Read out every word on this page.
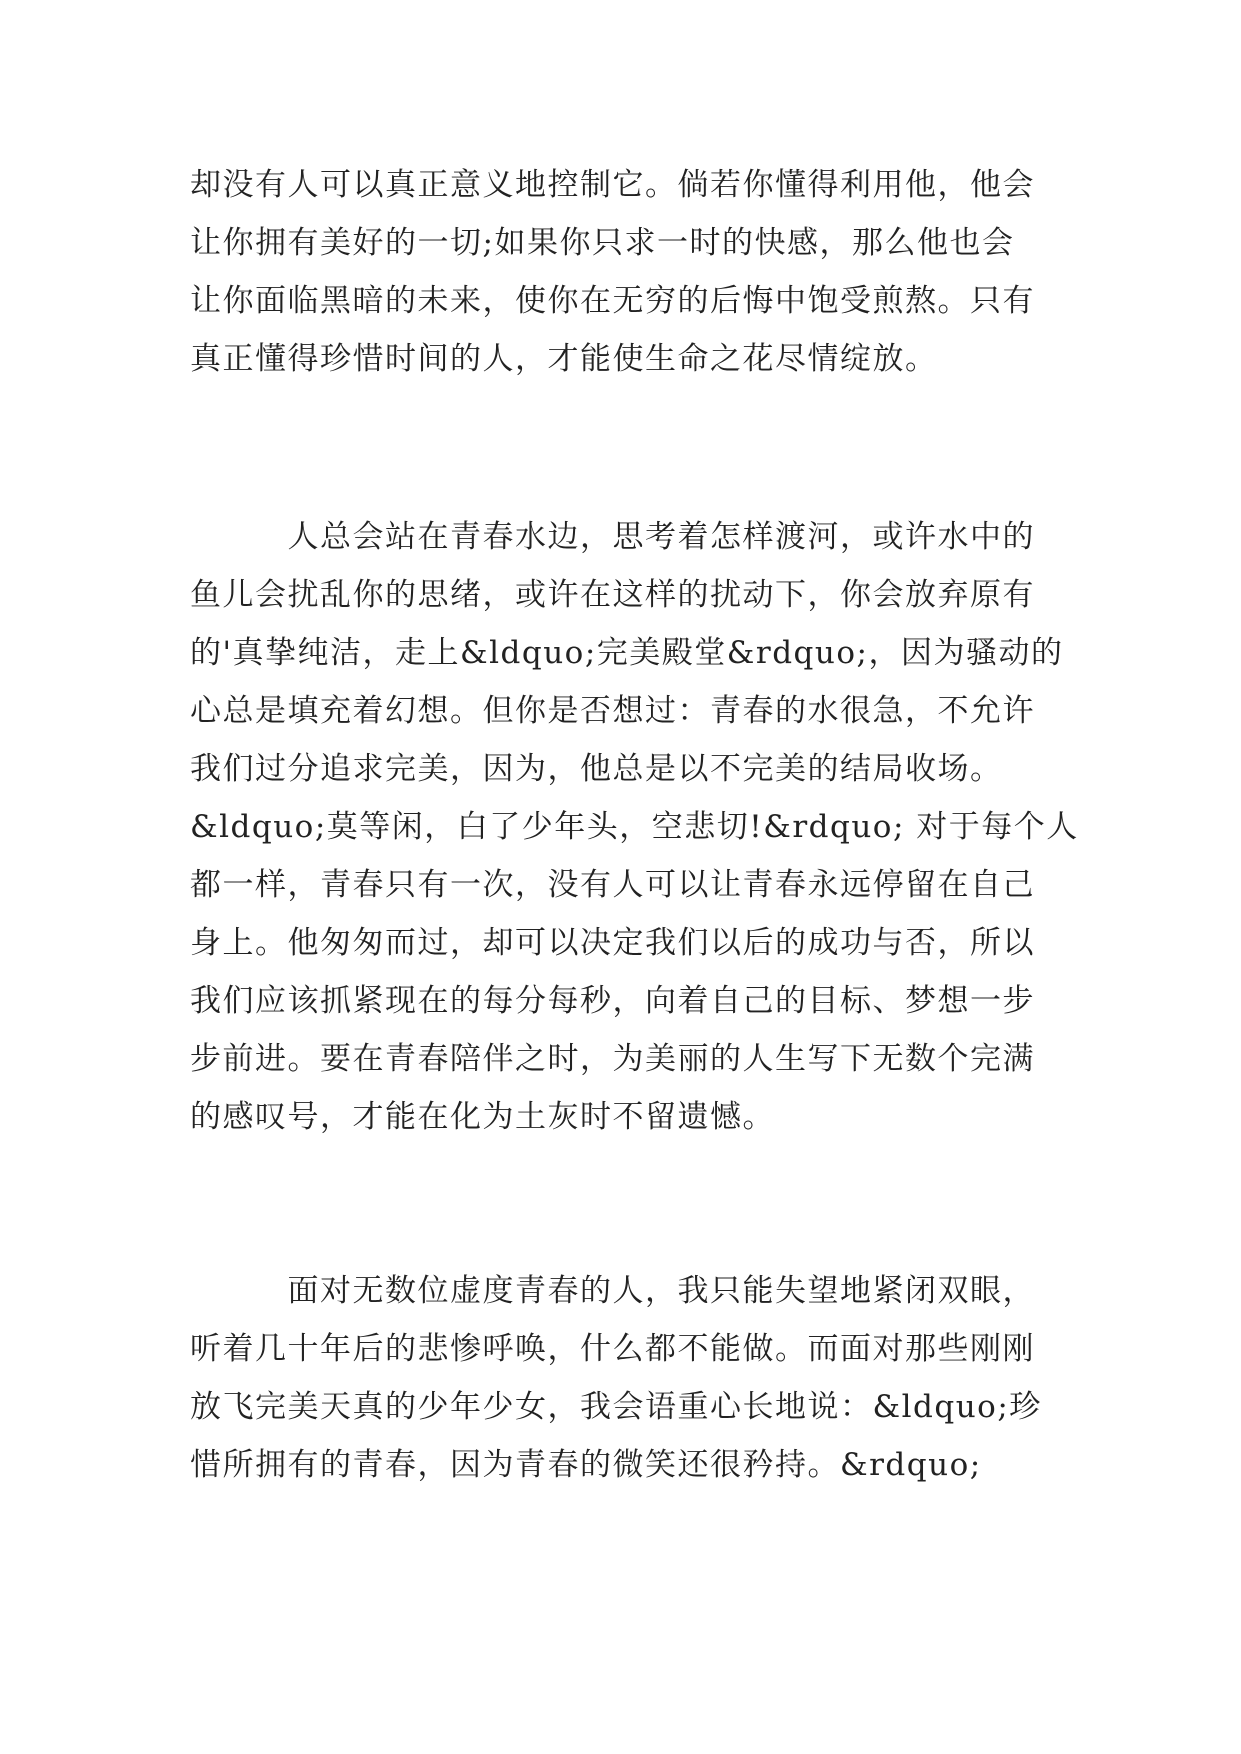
却没有人可以真正意义地控制它。倘若你懂得利用他，他会
让你拥有美好的一切;如果你只求一时的快感，那么他也会
让你面临黑暗的未来，使你在无穷的后悔中饱受煎熬。只有
真正懂得珍惜时间的人，才能使生命之花尽情绽放。
　　　人总会站在青春水边，思考着怎样渡河，或许水中的
鱼儿会扰乱你的思绪，或许在这样的扰动下，你会放弃原有
的'真挚纯洁，走上&ldquo;完美殿堂&rdquo;，因为骚动的
心总是填充着幻想。但你是否想过：青春的水很急，不允许
我们过分追求完美，因为，他总是以不完美的结局收场。
&ldquo;莫等闲，白了少年头，空悲切!&rdquo; 对于每个人
都一样，青春只有一次，没有人可以让青春永远停留在自己
身上。他匆匆而过，却可以决定我们以后的成功与否，所以
我们应该抓紧现在的每分每秒，向着自己的目标、梦想一步
步前进。要在青春陪伴之时，为美丽的人生写下无数个完满
的感叹号，才能在化为土灰时不留遗憾。
　　　面对无数位虚度青春的人，我只能失望地紧闭双眼，
听着几十年后的悲惨呼唤，什么都不能做。而面对那些刚刚
放飞完美天真的少年少女，我会语重心长地说：&ldquo;珍
惜所拥有的青春，因为青春的微笑还很矜持。&rdquo;
